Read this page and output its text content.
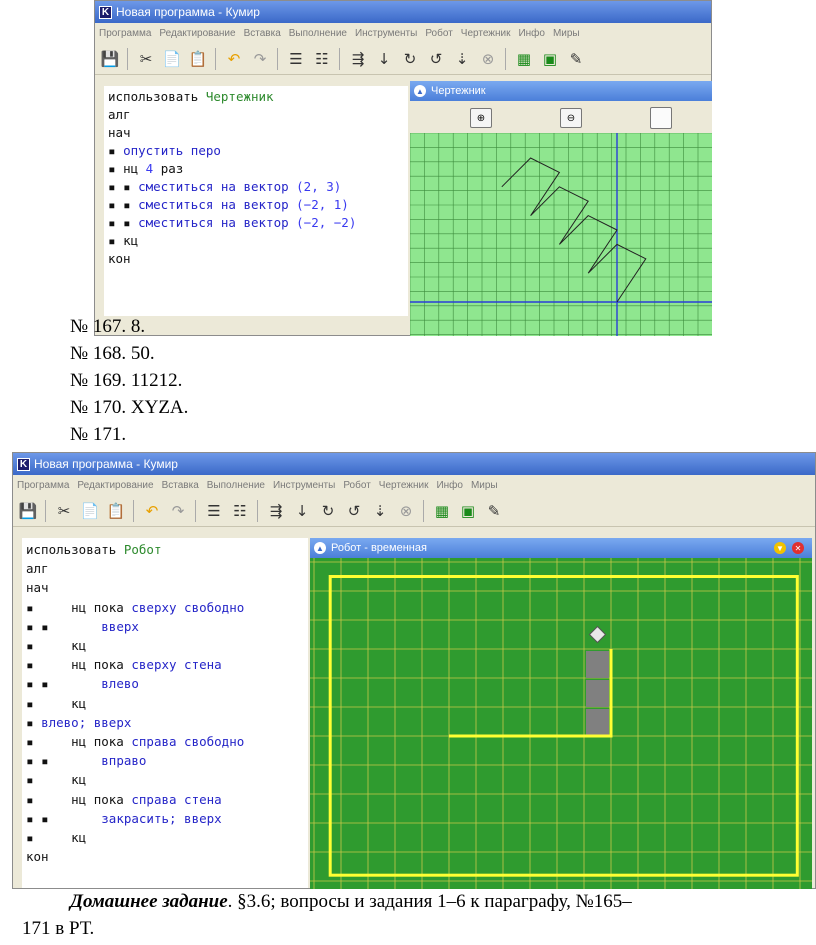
K Новая программа - Кумир
Программа Редактирование Вставка Выполнение Инструменты Робот Чертежник Инфо Миры
💾	✂ 📄 📋	↶ ↷	☰ ☷	⇶ ↓ ↻ ↺ ⇣ ⊗	▦ ▣ ✎
использовать Чертежник
алг
нач
▪ опустить перо
▪ нц 4 раз
▪ ▪ сместиться на вектор (2, 3)
▪ ▪ сместиться на вектор (−2, 1)
▪ ▪ сместиться на вектор (−2, −2)
▪ кц
кон
▲ Чертежник
⊕	⊖
№ 167. 8.
№ 168. 50.
№ 169. 11212.
№ 170. XYZA.
№ 171.
K Новая программа - Кумир
Программа Редактирование Вставка Выполнение Инструменты Робот Чертежник Инфо Миры
💾	✂ 📄 📋	↶ ↷	☰ ☷	⇶ ↓ ↻ ↺ ⇣ ⊗	▦ ▣ ✎
использовать Робот
алг
нач
▪     нц пока сверху свободно
▪ ▪       вверх
▪     кц
▪     нц пока сверху стена
▪ ▪       влево
▪     кц
▪ влево; вверх
▪     нц пока справа свободно
▪ ▪       вправо
▪     кц
▪     нц пока справа стена
▪ ▪       закрасить; вверх
▪     кц
кон
▲ Робот - временная	▼	✕
Домашнее задание. §3.6; вопросы и задания 1–6 к параграфу, №165–
171 в РТ.
